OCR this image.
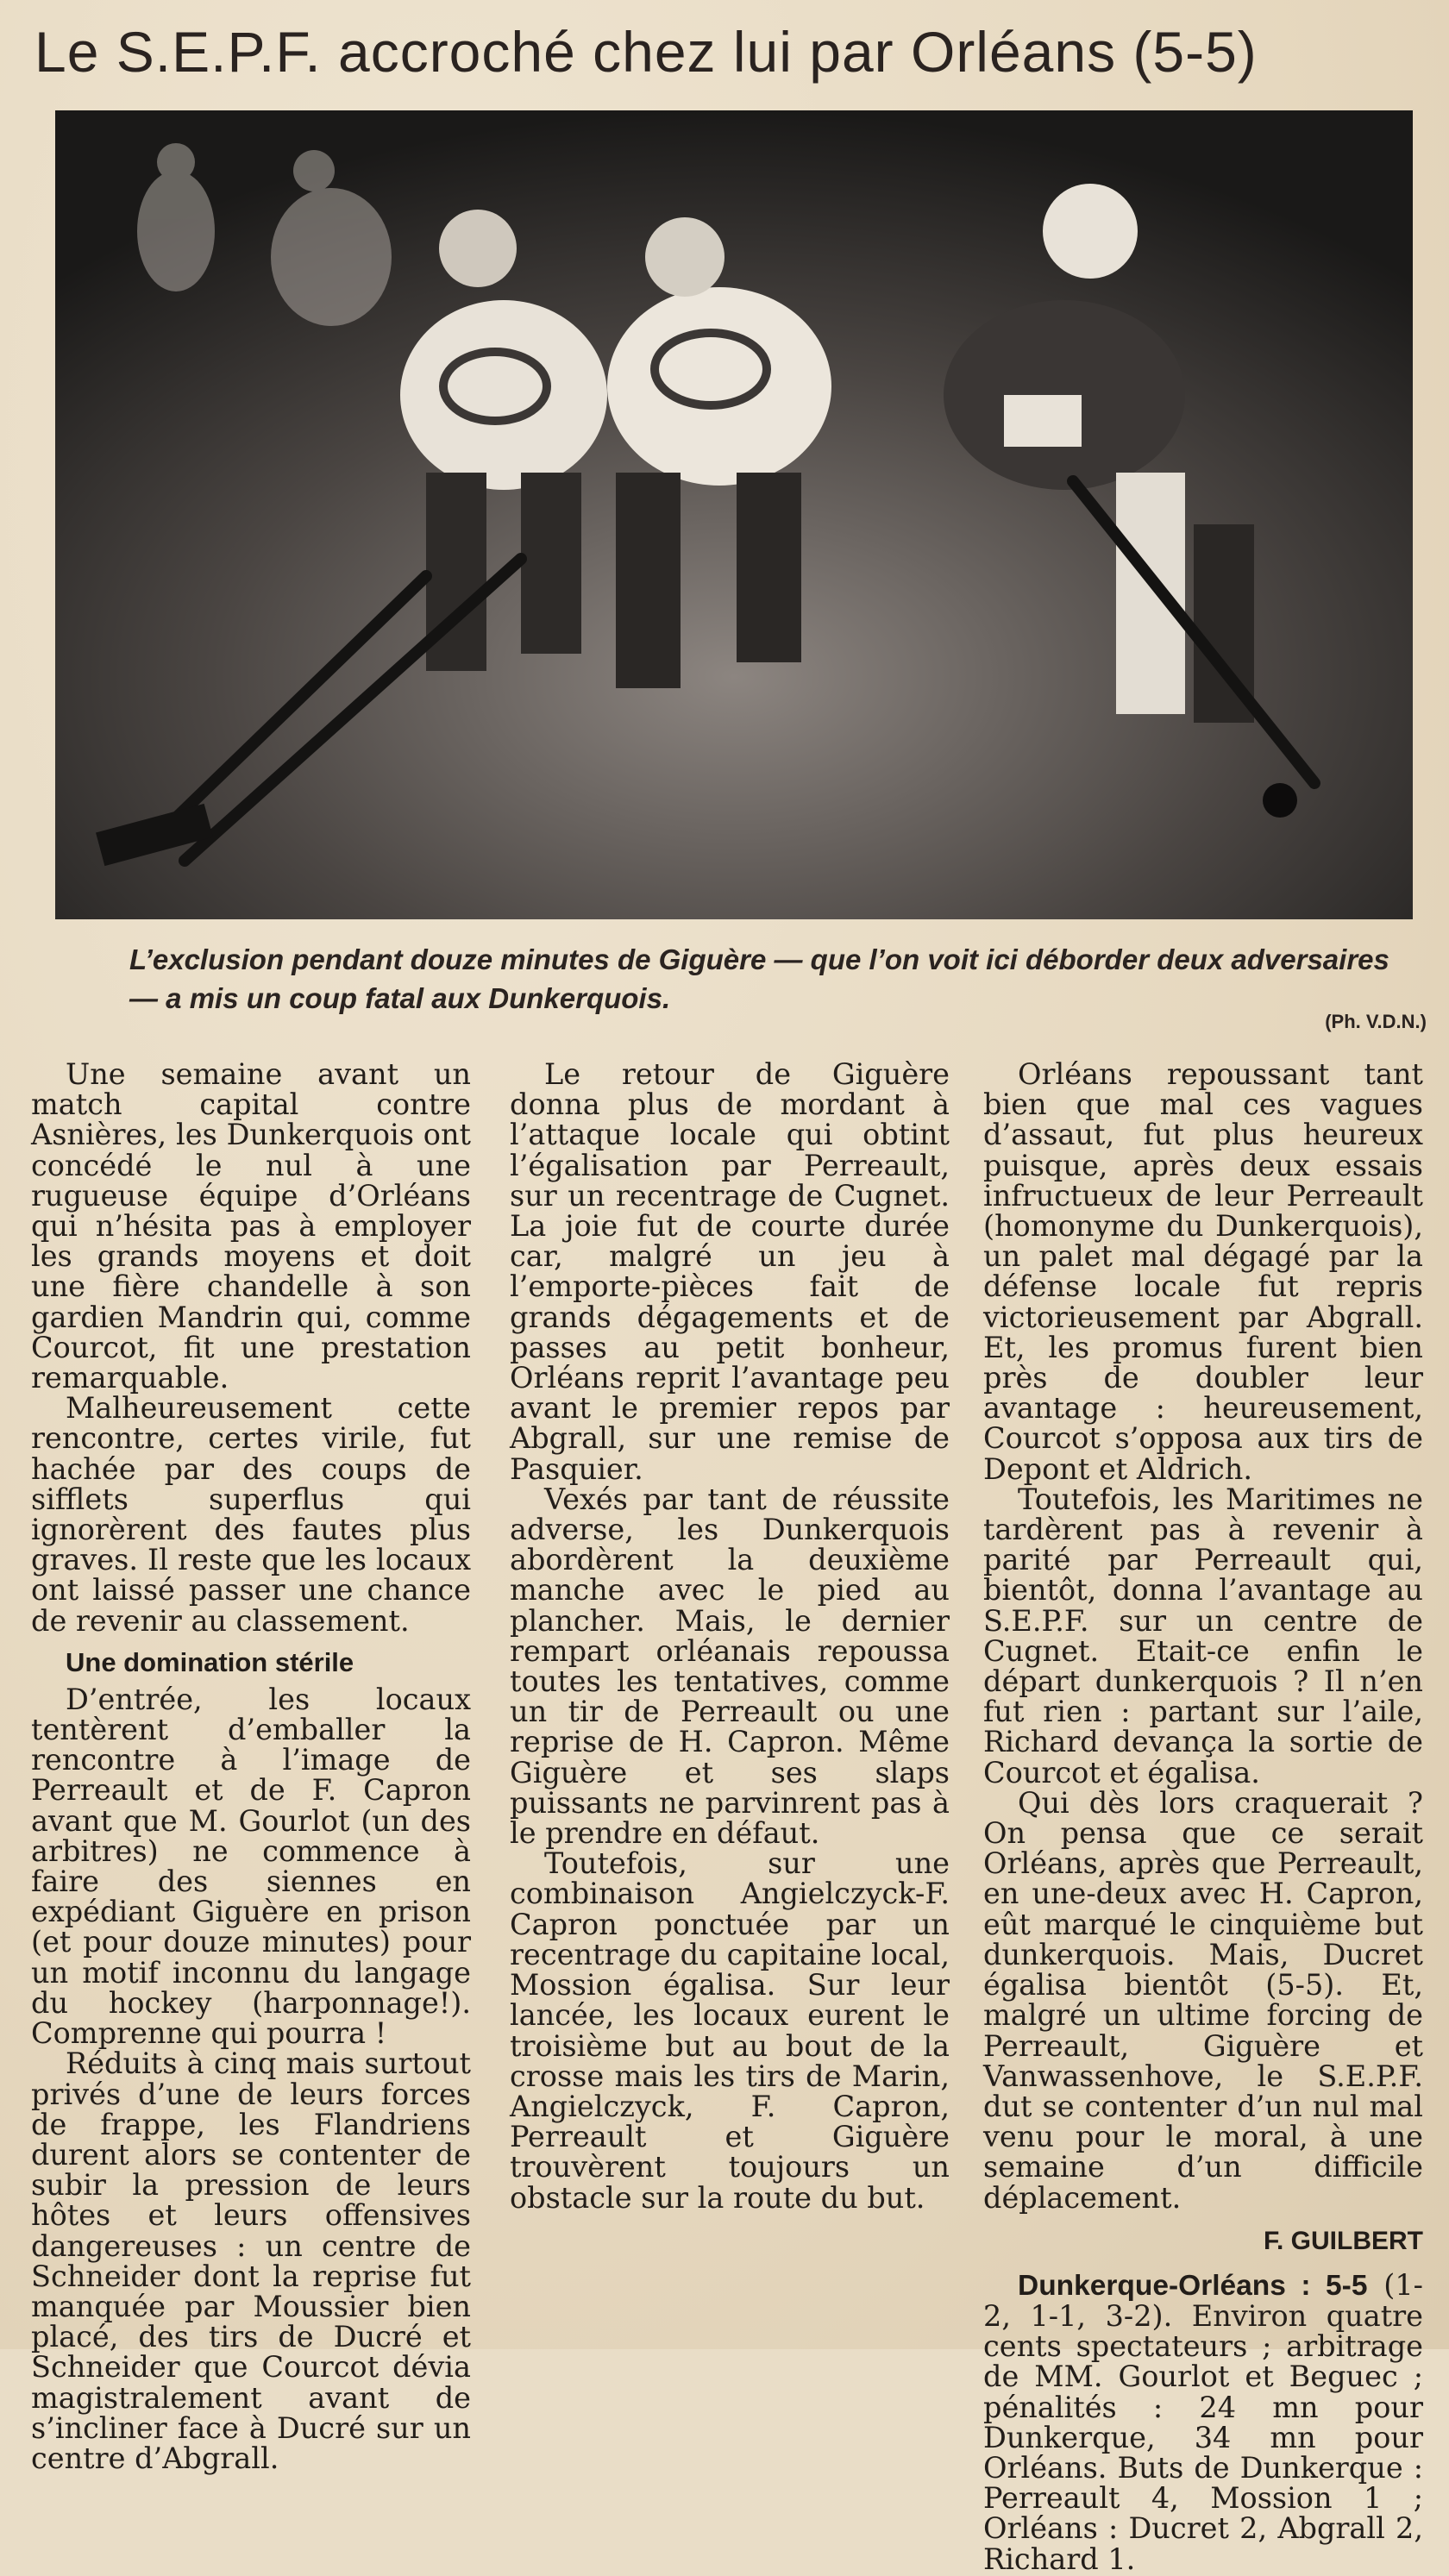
Le S.E.P.F. accroché chez lui par Orléans (5-5)
L’exclusion pendant douze minutes de Giguère — que l’on voit ici déborder deux adversaires — a mis un coup fatal aux Dunkerquois.
(Ph. V.D.N.)

Une semaine avant un match capital contre Asnières, les Dunkerquois ont concédé le nul à une rugueuse équipe d’Orléans qui n’hésita pas à employer les grands moyens et doit une fière chandelle à son gardien Mandrin qui, comme Courcot, fit une prestation remarquable.

Malheureusement cette rencontre, certes virile, fut hachée par des coups de sifflets superflus qui ignorèrent des fautes plus graves. Il reste que les locaux ont laissé passer une chance de revenir au classement.

Une domination stérile

D’entrée, les locaux tentèrent d’emballer la rencontre à l’image de Perreault et de F. Capron avant que M. Gourlot (un des arbitres) ne commence à faire des siennes en expédiant Giguère en prison (et pour douze minutes) pour un motif inconnu du langage du hockey (harponnage!). Comprenne qui pourra !

Réduits à cinq mais surtout privés d’une de leurs forces de frappe, les Flandriens durent alors se contenter de subir la pression de leurs hôtes et leurs offensives dangereuses : un centre de Schneider dont la reprise fut manquée par Moussier bien placé, des tirs de Ducré et Schneider que Courcot dévia magistralement avant de s’incliner face à Ducré sur un centre d’Abgrall.

Le retour de Giguère donna plus de mordant à l’attaque locale qui obtint l’égalisation par Perreault, sur un recentrage de Cugnet. La joie fut de courte durée car, malgré un jeu à l’emporte-pièces fait de grands dégagements et de passes au petit bonheur, Orléans reprit l’avantage peu avant le premier repos par Abgrall, sur une remise de Pasquier.

Vexés par tant de réussite adverse, les Dunkerquois abordèrent la deuxième manche avec le pied au plancher. Mais, le dernier rempart orléanais repoussa toutes les tentatives, comme un tir de Perreault ou une reprise de H. Capron. Même Giguère et ses slaps puissants ne parvinrent pas à le prendre en défaut.

Toutefois, sur une combinaison Angielczyck-F. Capron ponctuée par un recentrage du capitaine local, Mossion égalisa. Sur leur lancée, les locaux eurent le troisième but au bout de la crosse mais les tirs de Marin, Angielczyck, F. Capron, Perreault et Giguère trouvèrent toujours un obstacle sur la route du but.

Orléans repoussant tant bien que mal ces vagues d’assaut, fut plus heureux puisque, après deux essais infructueux de leur Perreault (homonyme du Dunkerquois), un palet mal dégagé par la défense locale fut repris victorieusement par Abgrall. Et, les promus furent bien près de doubler leur avantage : heureusement, Courcot s’opposa aux tirs de Depont et Aldrich.

Toutefois, les Maritimes ne tardèrent pas à revenir à parité par Perreault qui, bientôt, donna l’avantage au S.E.P.F. sur un centre de Cugnet. Etait-ce enfin le départ dunkerquois ? Il n’en fut rien : partant sur l’aile, Richard devança la sortie de Courcot et égalisa.

Qui dès lors craquerait ? On pensa que ce serait Orléans, après que Perreault, en une-deux avec H. Capron, eût marqué le cinquième but dunkerquois. Mais, Ducret égalisa bientôt (5-5). Et, malgré un ultime forcing de Perreault, Giguère et Vanwassenhove, le S.E.P.F. dut se contenter d’un nul mal venu pour le moral, à une semaine d’un difficile déplacement.

F. GUILBERT

Dunkerque-Orléans : 5-5 (1-2, 1-1, 3-2). Environ quatre cents spectateurs ; arbitrage de MM. Gourlot et Beguec ; pénalités : 24 mn pour Dunkerque, 34 mn pour Orléans. Buts de Dunkerque : Perreault 4, Mossion 1 ; Orléans : Ducret 2, Abgrall 2, Richard 1.
